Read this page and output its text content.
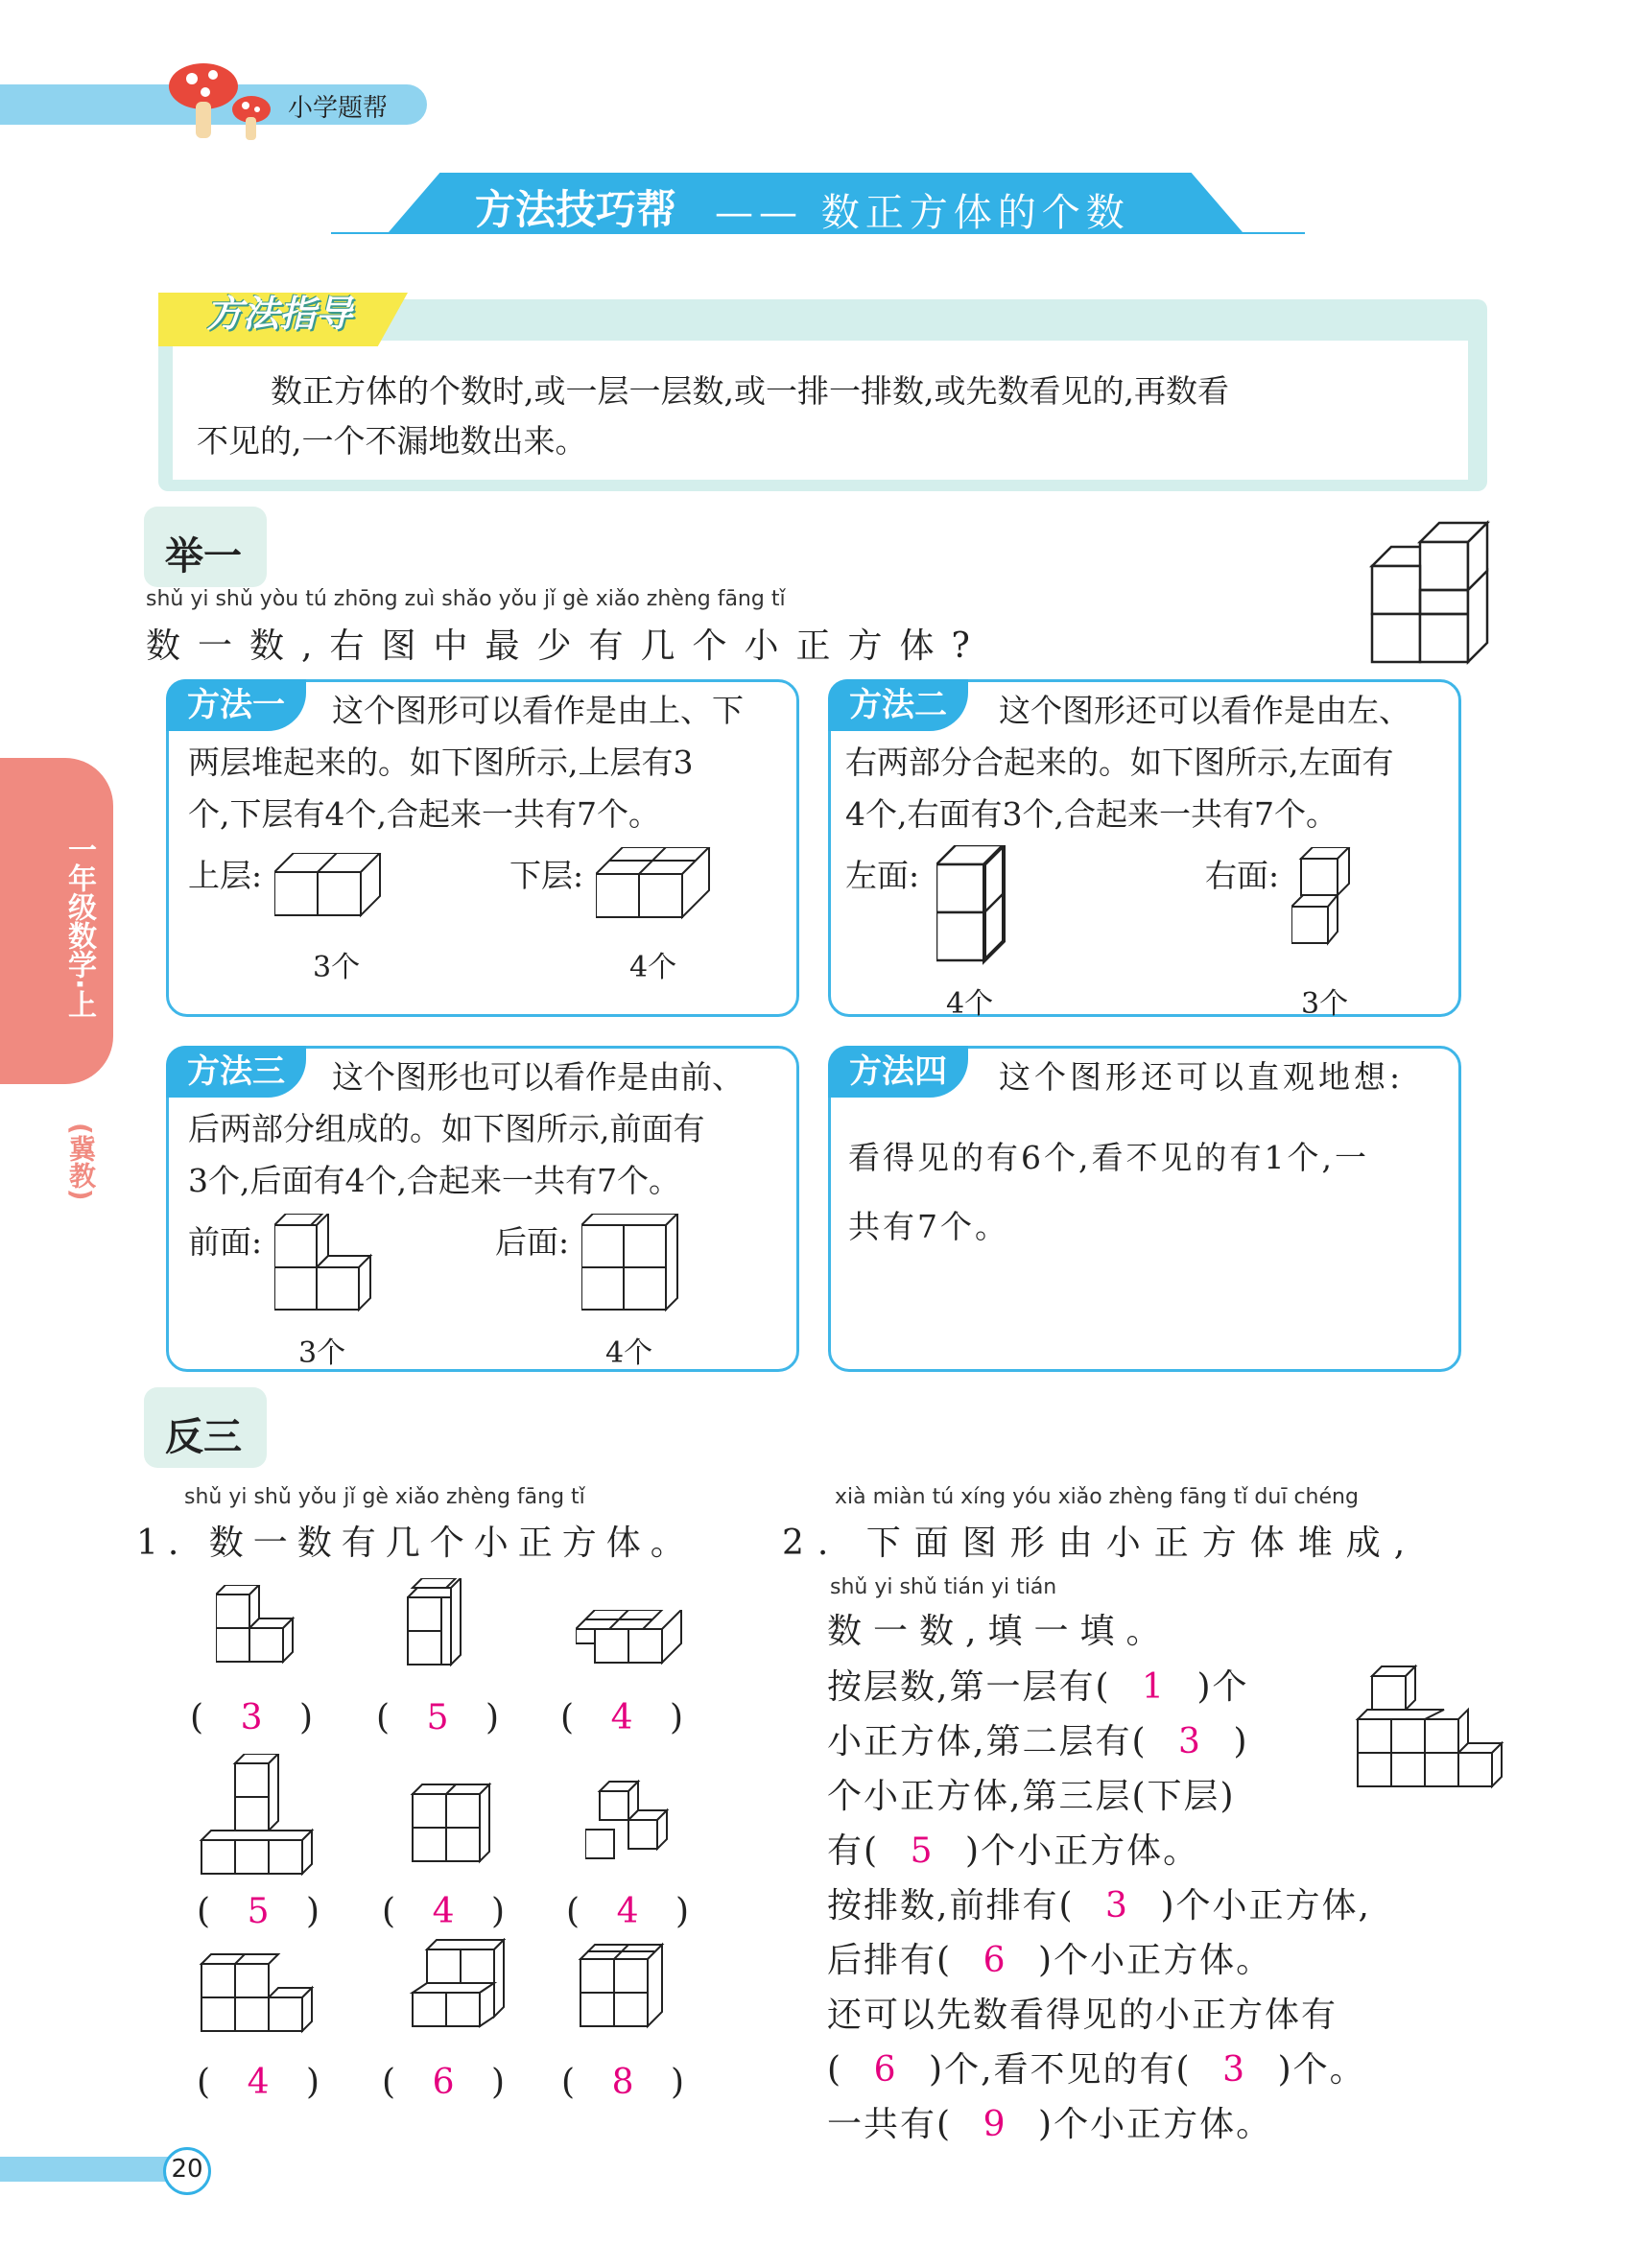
小学题帮
方法技巧帮 —— 数正方体的个数
方法指导
数正方体的个数时,或一层一层数,或一排一排数,或先数看见的,再数看
不见的,一个不漏地数出来。
一年级数学·上
(冀教)
举一
shǔ yi shǔ yòu tú zhōng zuì shǎo yǒu jǐ gè xiǎo zhèng fāng tǐ
数一数,右图中最少有几个小正方体?
方法一	这个图形可以看作是由上、下
两层堆起来的。如下图所示,上层有3
个,下层有4个,合起来一共有7个。
上层:	下层:
3个	4个
方法二	这个图形还可以看作是由左、
右两部分合起来的。如下图所示,左面有
4个,右面有3个,合起来一共有7个。
左面:	右面:
4个	3个
方法三	这个图形也可以看作是由前、
后两部分组成的。如下图所示,前面有
3个,后面有4个,合起来一共有7个。
前面:	后面:
3个	4个
方法四	这个图形还可以直观地想:
看得见的有6个,看不见的有1个,一
共有7个。
反三
shǔ yi shǔ yǒu jǐ gè xiǎo zhèng fāng tǐ
1. 数一数有几个小正方体。
( 3 ) ( 5 ) ( 4 )
( 5 ) ( 4 ) ( 4 )
( 4 ) ( 6 ) ( 8 )
xià miàn tú xíng yóu xiǎo zhèng fāng tǐ duī chéng
2. 下面图形由小正方体堆成,
shǔ yi shǔ tián yi tián
数一数,填一填。
按层数,第一层有( 1 )个
小正方体,第二层有( 3 )
个小正方体,第三层(下层)
有( 5 )个小正方体。
按排数,前排有( 3 )个小正方体,
后排有( 6 )个小正方体。
还可以先数看得见的小正方体有
( 6 )个,看不见的有( 3 )个。
一共有( 9 )个小正方体。
20
